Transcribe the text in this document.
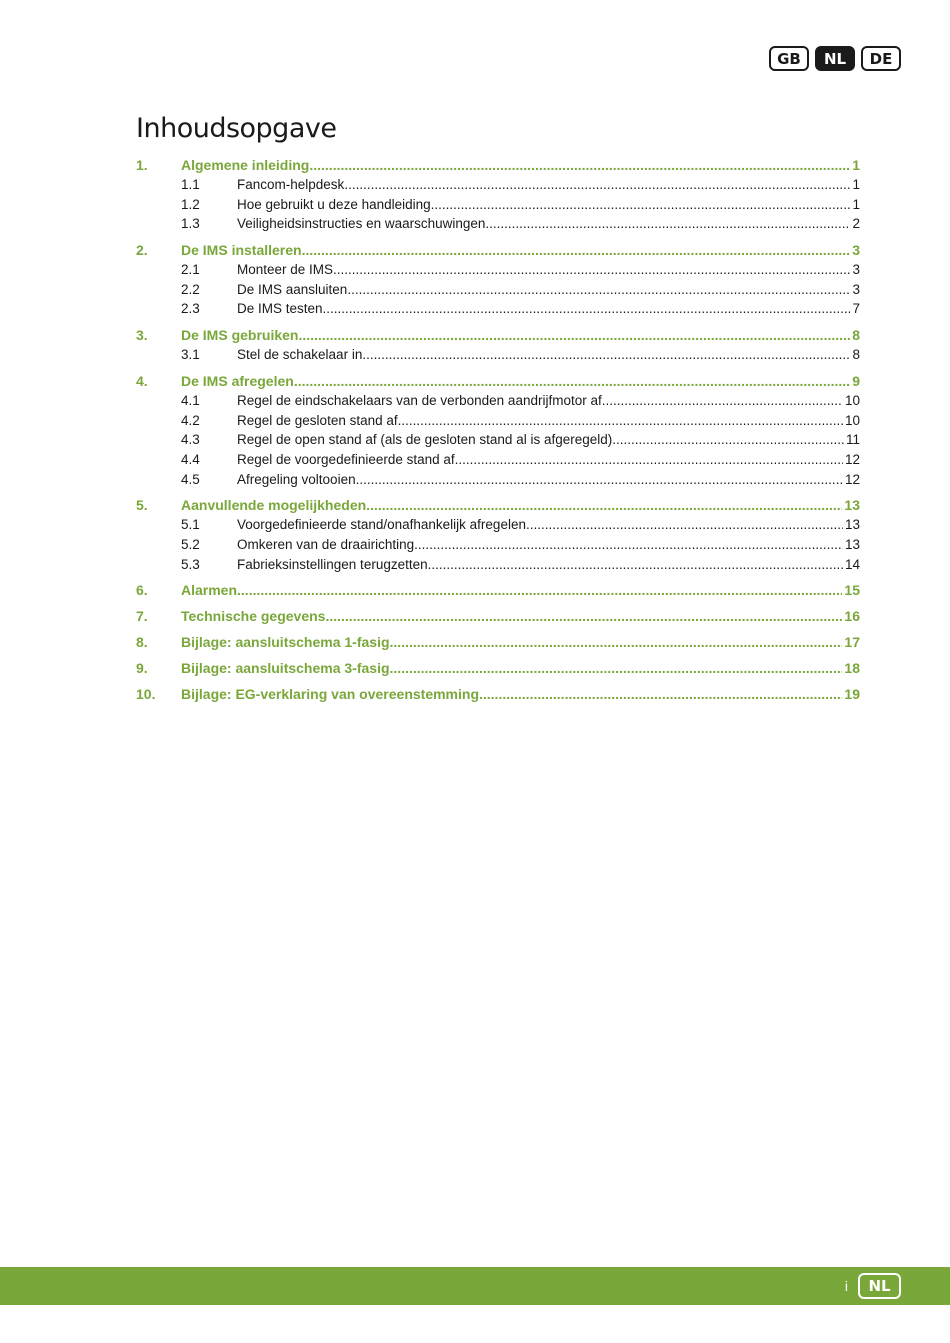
GB	NL	DE
Inhoudsopgave
1.	Algemene inleiding .....	1
1.1	Fancom-helpdesk .....	1
1.2	Hoe gebruikt u deze handleiding .....	1
1.3	Veiligheidsinstructies en waarschuwingen .....	2
2.	De IMS installeren .....	3
2.1	Monteer de IMS .....	3
2.2	De IMS aansluiten .....	3
2.3	De IMS testen .....	7
3.	De IMS gebruiken .....	8
3.1	Stel de schakelaar in .....	8
4.	De IMS afregelen .....	9
4.1	Regel de eindschakelaars van de verbonden aandrijfmotor af .....	10
4.2	Regel de gesloten stand af .....	10
4.3	Regel de open stand af (als de gesloten stand al is afgeregeld) .....	11
4.4	Regel de voorgedefinieerde stand af .....	12
4.5	Afregeling voltooien .....	12
5.	Aanvullende mogelijkheden .....	13
5.1	Voorgedefinieerde stand/onafhankelijk afregelen .....	13
5.2	Omkeren van de draairichting .....	13
5.3	Fabrieksinstellingen terugzetten .....	14
6.	Alarmen .....	15
7.	Technische gegevens .....	16
8.	Bijlage: aansluitschema 1-fasig .....	17
9.	Bijlage: aansluitschema 3-fasig .....	18
10.	Bijlage: EG-verklaring van overeenstemming .....	19
i	NL
